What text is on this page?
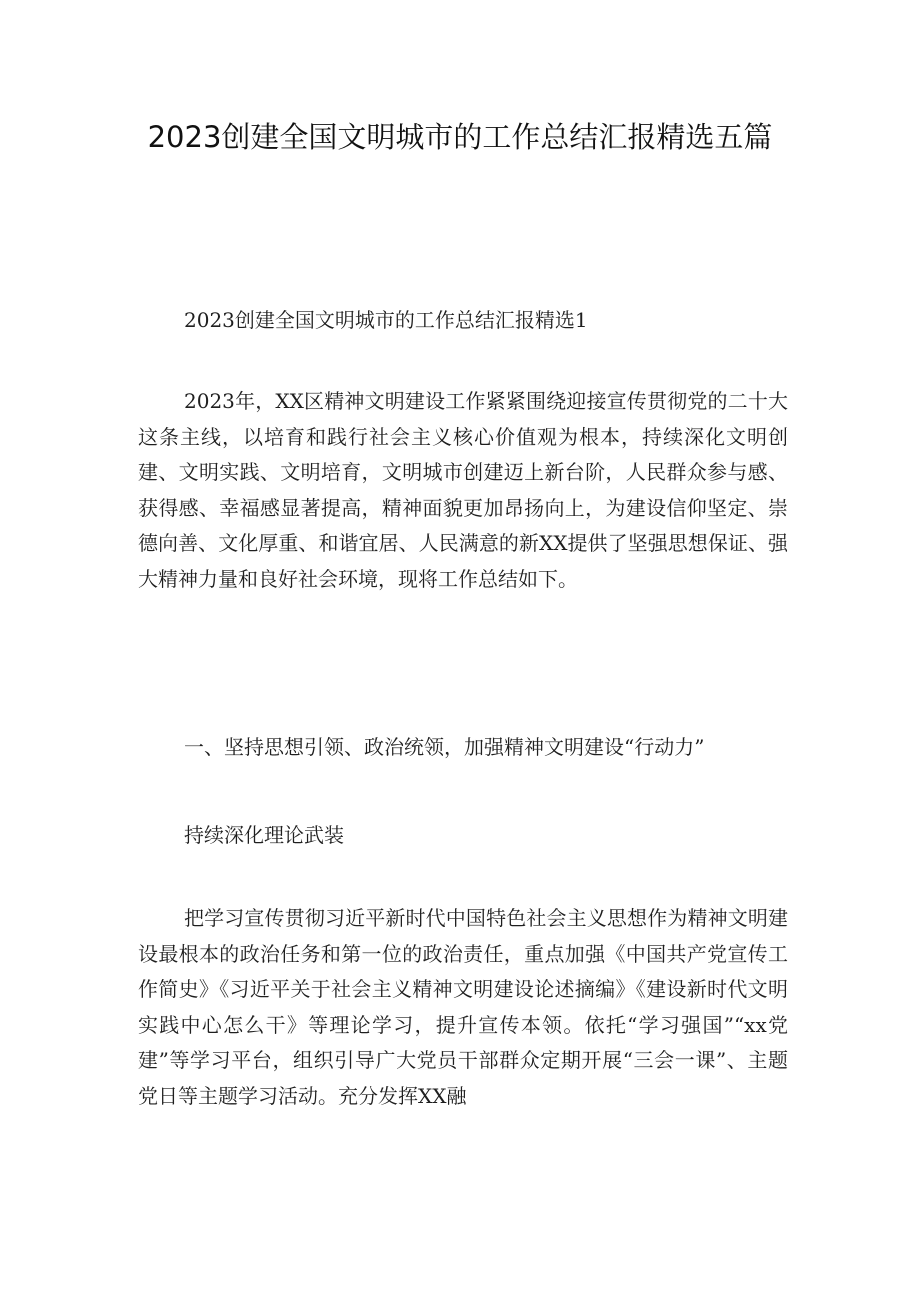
2023创建全国文明城市的工作总结汇报精选五篇

2023创建全国文明城市的工作总结汇报精选1

2023年，XX区精神文明建设工作紧紧围绕迎接宣传贯彻党的二十大这条主线，以培育和践行社会主义核心价值观为根本，持续深化文明创建、文明实践、文明培育，文明城市创建迈上新台阶，人民群众参与感、获得感、幸福感显著提高，精神面貌更加昂扬向上，为建设信仰坚定、崇德向善、文化厚重、和谐宜居、人民满意的新XX提供了坚强思想保证、强大精神力量和良好社会环境，现将工作总结如下。

一、坚持思想引领、政治统领，加强精神文明建设“行动力”

持续深化理论武装

把学习宣传贯彻习近平新时代中国特色社会主义思想作为精神文明建设最根本的政治任务和第一位的政治责任，重点加强《中国共产党宣传工作简史》《习近平关于社会主义精神文明建设论述摘编》《建设新时代文明实践中心怎么干》等理论学习，提升宣传本领。依托“学习强国”“xx党建”等学习平台，组织引导广大党员干部群众定期开展“三会一课”、主题党日等主题学习活动。充分发挥XX融
